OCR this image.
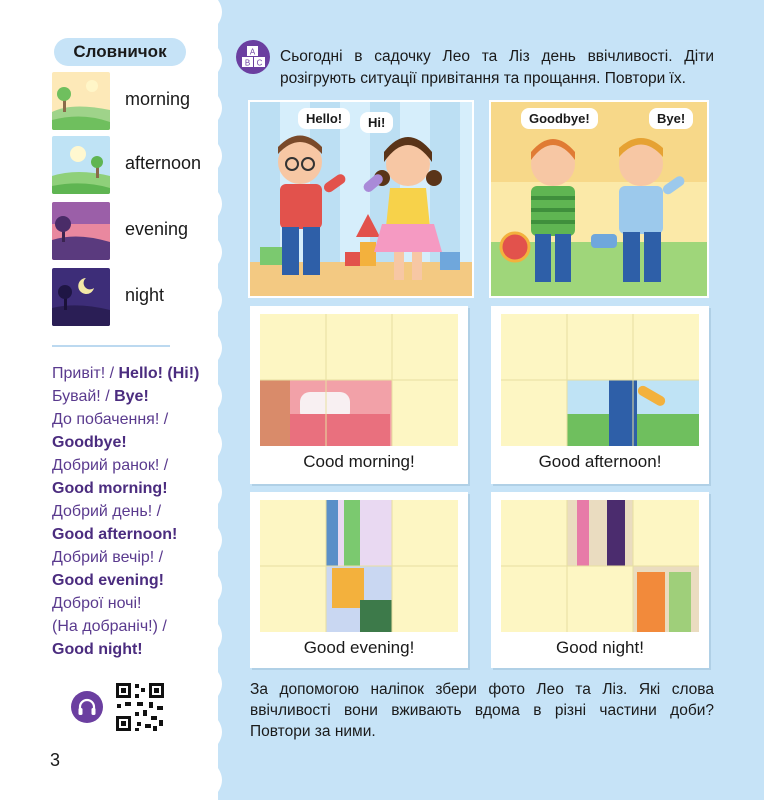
Словничок
morning
afternoon
evening
night
Привіт! / Hello! (Hi!)
Бувай! / Bye!
До побачення! /
Goodbye!
Добрий ранок! /
Good morning!
Добрий день! /
Good afternoon!
Добрий вечір! /
Good evening!
Доброї ночі!
(На добраніч!) /
Good night!
3
A
B C Сьогодні в садочку Лео та Ліз день ввічливості. Діти розігрують ситуації привітання та прощання. Повтори їх.
Hello!	Hi!	Goodbye!	Bye!
Cood morning!	Good afternoon!
Good evening!	Good night!
За допомогою наліпок збери фото Лео та Ліз. Які слова ввічливості вони вживають вдома в різні частини доби? Повтори за ними.
